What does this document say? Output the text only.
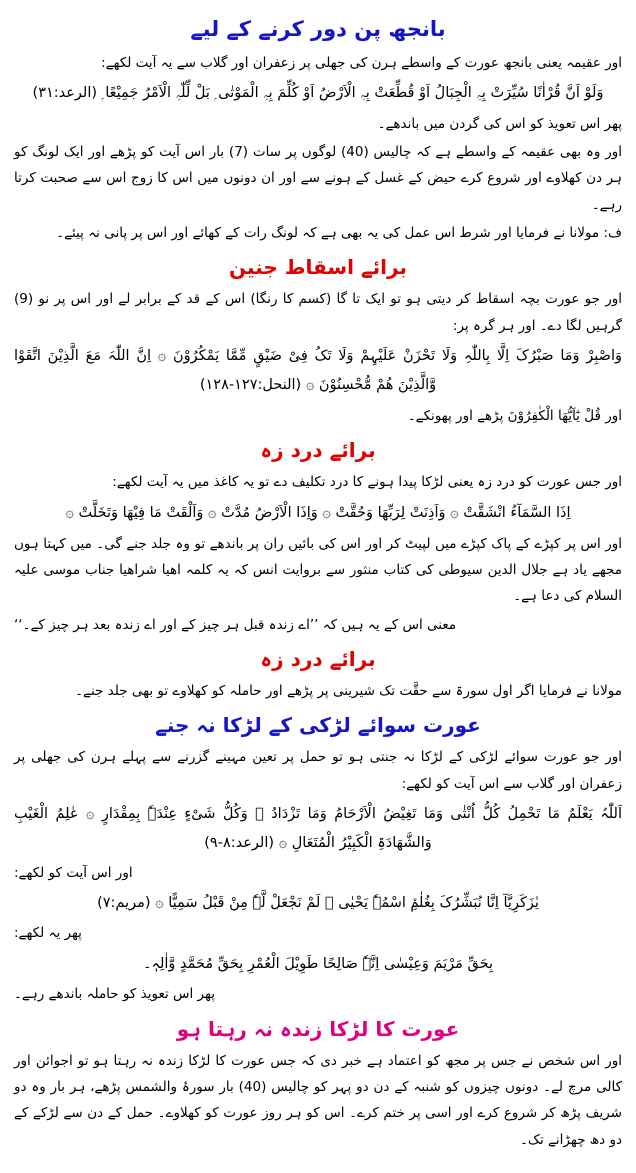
بانجھ پن دور کرنے کے لیے
اور عقیمہ یعنی بانجھ عورت کے واسطے ہرن کی جھلی پر زعفران اور گلاب سے یہ آیت لکھے:
وَلَوْ اَنَّ قُرْاٰنًا سُیِّرَتْ بِہِ الْجِبَالُ اَوْ قُطِّعَتْ بِہِ الْاَرْضُ اَوْ کُلِّمَ بِہِ الْمَوْتٰی ۭ بَلْ لِّلّٰہِ الْاَمْرُ جَمِیْعًا ۭ (الرعد:۳۱)
پھر اس تعویذ کو اس کی گردن میں باندھے۔
اور وہ بھی عقیمہ کے واسطے ہے کہ چالیس (40) لوگوں پر سات (7) بار اس آیت کو پڑھے اور ایک لونگ کو ہر دن کھلاوے اور شروع کرے حیض کے غسل کے ہونے سے اور ان دونوں میں اس کا زوج اس سے صحبت کرتا رہے۔
ف: مولانا نے فرمایا اور شرط اس عمل کی یہ بھی ہے کہ لونگ رات کے کھائے اور اس پر پانی نہ پیئے۔
برائے اسقاط جنین
اور جو عورت بچہ اسقاط کر دیتی ہو تو ایک تا گا (کسم کا رنگا) اس کے قد کے برابر لے اور اس پر نو (9) گرہیں لگا دے۔ اور ہر گرہ پر:
وَاصْبِرْ وَمَا صَبْرُکَ اِلَّا بِاللّٰہِ وَلَا تَحْزَنْ عَلَیْہِمْ وَلَا تَکُ فِیْ ضَیْقٍ مِّمَّا یَمْکُرُوْنَ ۞ اِنَّ اللّٰہَ مَعَ الَّذِیْنَ اتَّقَوْا وَّالَّذِیْنَ ھُمْ مُّحْسِنُوْنَ ۞ (النحل:۱۲۷-۱۲۸)
اور قُلْ یٰٓاَیُّھَا الْکٰفِرُوْنَ پڑھے اور پھونکے۔
برائے درد زہ
اور جس عورت کو درد زہ یعنی لڑکا پیدا ہونے کا درد تکلیف دے تو یہ کاغذ میں یہ آیت لکھے:
اِذَا السَّمَآءُ انْشَقَّتْ ۞ وَاَذِنَتْ لِرَبِّھَا وَحُقَّتْ ۞ وَاِذَا الْاَرْضُ مُدَّتْ ۞ وَاَلْقَتْ مَا فِیْھَا وَتَخَلَّتْ ۞
اور اس پر کپڑے کے پاک کپڑے میں لپیٹ کر اور اس کی بائیں ران پر باندھے تو وہ جلد جنے گی۔ میں کہتا ہوں مجھے یاد ہے جلال الدین سیوطی کی کتاب منثور سے بروایت انس کہ یہ کلمہ اھیا شراھیا جناب موسی علیہ السلام کی دعا ہے۔
معنی اس کے یہ ہیں کہ ’’اے زندہ قبل ہر چیز کے اور اے زندہ بعد ہر چیز کے۔‘‘
برائے درد زہ
مولانا نے فرمایا اگر اول سورۃ سے حقَّت تک شیرینی پر پڑھے اور حاملہ کو کھلاوے تو بھی جلد جنے۔
عورت سوائے لڑکی کے لڑکا نہ جنے
اور جو عورت سوائے لڑکی کے لڑکا نہ جنتی ہو تو حمل پر تعین مہینے گزرنے سے پہلے ہرن کی جھلی پر زعفران اور گلاب سے اس آیت کو لکھے:
اَللّٰہُ یَعْلَمُ مَا تَحْمِلُ کُلُّ اُنْثٰی وَمَا تَغِیْضُ الْاَرْحَامُ وَمَا تَزْدَادُ ۭ وَکُلُّ شَیْءٍ عِنْدَہٗ بِمِقْدَارٍ ۞ عٰلِمُ الْغَیْبِ وَالشَّھَادَۃِ الْکَبِیْرُ الْمُتَعَالِ ۞ (الرعد:۸-۹)
اور اس آیت کو لکھے:
یٰزَکَرِیَّآ اِنَّا نُبَشِّرُکَ بِغُلٰمِۨ اسْمُہٗ یَحْیٰی ۙ لَمْ نَجْعَلْ لَّہٗ مِنْ قَبْلُ سَمِیًّا ۞ (مریم:۷)
پھر یہ لکھے:
بِحَقِّ مَرْیَمَ وَعِیْسٰی اِنَّہٗ صَالِحًا طَوِیْلَ الْعُمْرِ بِحَقِّ مُحَمَّدٍ وَّاٰلِہٖ۔
پھر اس تعویذ کو حاملہ باندھے رہے۔
عورت کا لڑکا زندہ نہ رہتا ہو
اور اس شخص نے جس پر مجھ کو اعتماد ہے خبر دی کہ جس عورت کا لڑکا زندہ نہ رہتا ہو تو اجوائن اور کالی مرچ لے۔ دونوں چیزوں کو شنبہ کے دن دو پہر کو چالیس (40) بار سورۂ والشمس پڑھے، ہر بار وہ دو شریف پڑھ کر شروع کرے اور اسی پر ختم کرے۔ اس کو ہر روز عورت کو کھلاوے۔ حمل کے دن سے لڑکے کے دو دھ چھڑانے تک۔
